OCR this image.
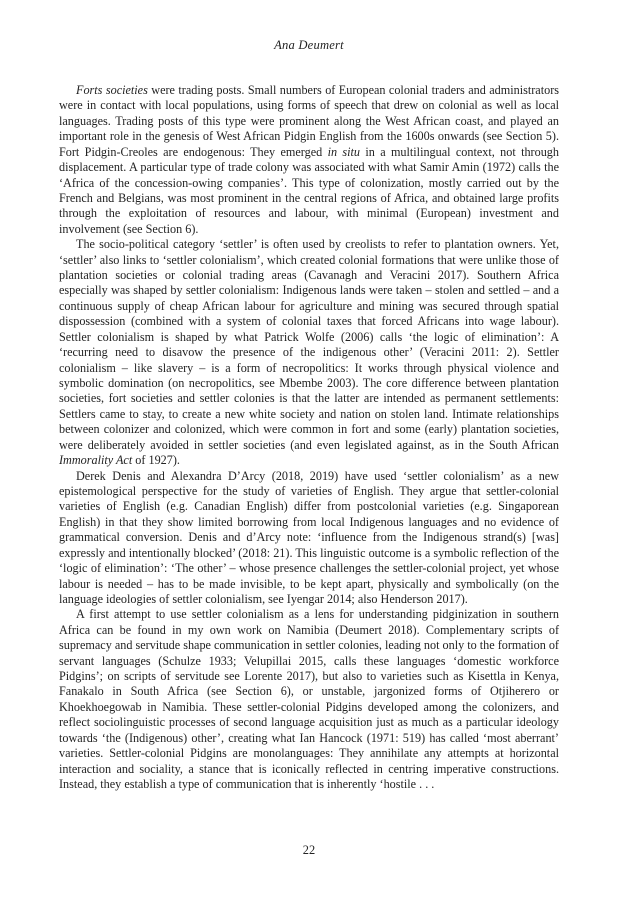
Ana Deumert

Forts societies were trading posts. Small numbers of European colonial traders and administrators were in contact with local populations, using forms of speech that drew on colonial as well as local languages. Trading posts of this type were prominent along the West African coast, and played an important role in the genesis of West African Pidgin English from the 1600s onwards (see Section 5). Fort Pidgin-Creoles are endogenous: They emerged in situ in a multilingual context, not through displacement. A particular type of trade colony was associated with what Samir Amin (1972) calls the ‘Africa of the concession-owing companies’. This type of colonization, mostly carried out by the French and Belgians, was most prominent in the central regions of Africa, and obtained large profits through the exploitation of resources and labour, with minimal (European) investment and involvement (see Section 6).

The socio-political category ‘settler’ is often used by creolists to refer to plantation owners. Yet, ‘settler’ also links to ‘settler colonialism’, which created colonial formations that were unlike those of plantation societies or colonial trading areas (Cavanagh and Veracini 2017). Southern Africa especially was shaped by settler colonialism: Indigenous lands were taken – stolen and settled – and a continuous supply of cheap African labour for agriculture and mining was secured through spatial dispossession (combined with a system of colonial taxes that forced Africans into wage labour). Settler colonialism is shaped by what Patrick Wolfe (2006) calls ‘the logic of elimination’: A ‘recurring need to disavow the presence of the indigenous other’ (Veracini 2011: 2). Settler colonialism – like slavery – is a form of necropolitics: It works through physical violence and symbolic domination (on necropolitics, see Mbembe 2003). The core difference between plantation societies, fort societies and settler colonies is that the latter are intended as permanent settlements: Settlers came to stay, to create a new white society and nation on stolen land. Intimate relationships between colonizer and colonized, which were common in fort and some (early) plantation societies, were deliberately avoided in settler societies (and even legislated against, as in the South African Immorality Act of 1927).

Derek Denis and Alexandra D’Arcy (2018, 2019) have used ‘settler colonialism’ as a new epistemological perspective for the study of varieties of English. They argue that settler-colonial varieties of English (e.g. Canadian English) differ from postcolonial varieties (e.g. Singaporean English) in that they show limited borrowing from local Indigenous languages and no evidence of grammatical conversion. Denis and d’Arcy note: ‘influence from the Indigenous strand(s) [was] expressly and intentionally blocked’ (2018: 21). This linguistic outcome is a symbolic reflection of the ‘logic of elimination’: ‘The other’ – whose presence challenges the settler-colonial project, yet whose labour is needed – has to be made invisible, to be kept apart, physically and symbolically (on the language ideologies of settler colonialism, see Iyengar 2014; also Henderson 2017).

A first attempt to use settler colonialism as a lens for understanding pidginization in southern Africa can be found in my own work on Namibia (Deumert 2018). Complementary scripts of supremacy and servitude shape communication in settler colonies, leading not only to the formation of servant languages (Schulze 1933; Velupillai 2015, calls these languages ‘domestic workforce Pidgins’; on scripts of servitude see Lorente 2017), but also to varieties such as Kisettla in Kenya, Fanakalo in South Africa (see Section 6), or unstable, jargonized forms of Otjiherero or Khoekhoegowab in Namibia. These settler-colonial Pidgins developed among the colonizers, and reflect sociolinguistic processes of second language acquisition just as much as a particular ideology towards ‘the (Indigenous) other’, creating what Ian Hancock (1971: 519) has called ‘most aberrant’ varieties. Settler-colonial Pidgins are monolanguages: They annihilate any attempts at horizontal interaction and sociality, a stance that is iconically reflected in centring imperative constructions. Instead, they establish a type of communication that is inherently ‘hostile . . .

22
